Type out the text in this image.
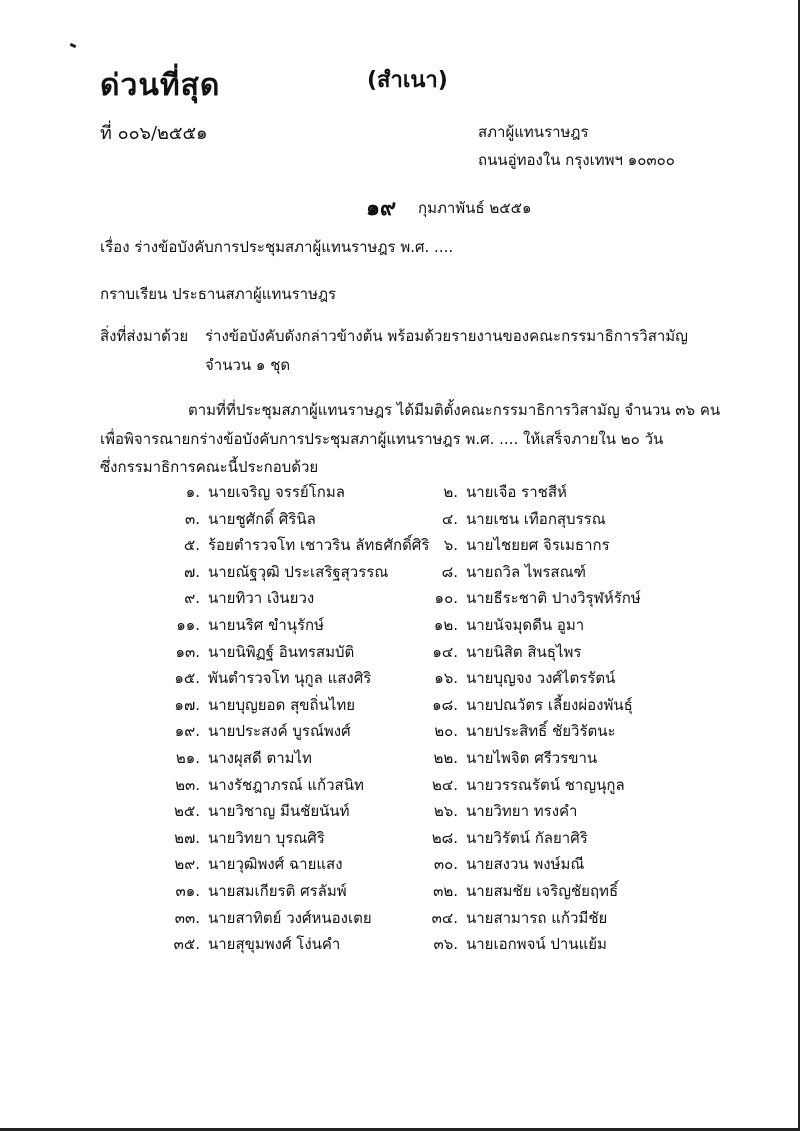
ด่วนที่สุด	(สำเนา)
ที่ ๐๐๖/๒๕๕๑	สภาผู้แทนราษฎร
ถนนอู่ทองใน กรุงเทพฯ ๑๐๓๐๐
๑๙ กุมภาพันธ์ ๒๕๕๑
เรื่อง ร่างข้อบังคับการประชุมสภาผู้แทนราษฎร พ.ศ. ....
กราบเรียน ประธานสภาผู้แทนราษฎร
สิ่งที่ส่งมาด้วย ร่างข้อบังคับดังกล่าวข้างต้น พร้อมด้วยรายงานของคณะกรรมาธิการวิสามัญ
จำนวน ๑ ชุด
ตามที่ที่ประชุมสภาผู้แทนราษฎร ได้มีมติตั้งคณะกรรมาธิการวิสามัญ จำนวน ๓๖ คน
เพื่อพิจารณายกร่างข้อบังคับการประชุมสภาผู้แทนราษฎร พ.ศ. .... ให้เสร็จภายใน ๒๐ วัน
ซึ่งกรรมาธิการคณะนี้ประกอบด้วย
๑. นายเจริญ จรรย์โกมล	๒. นายเจือ ราชสีห์
๓. นายชูศักดิ์ ศิรินิล	๔. นายเชน เทือกสุบรรณ
๕. ร้อยตำรวจโท เชาวริน ลัทธศักดิ์ศิริ ๖. นายไชยยศ จิรเมธากร
๗. นายณัฐวุฒิ ประเสริฐสุวรรณ	๘. นายถวิล ไพรสณฑ์
๙. นายทิวา เงินยวง	๑๐. นายธีระชาติ ปางวิรุฬห์รักษ์
๑๑. นายนริศ ขำนุรักษ์	๑๒. นายนัจมุดดีน อูมา
๑๓. นายนิพิฏฐ์ อินทรสมบัติ	๑๔. นายนิสิต สินธุไพร
๑๕. พันตำรวจโท นุกูล แสงศิริ	๑๖. นายบุญจง วงศ์ไตรรัตน์
๑๗. นายบุญยอด สุขถิ่นไทย	๑๘. นายปณวัตร เลี้ยงผ่องพันธุ์
๑๙. นายประสงค์ บูรณ์พงศ์	๒๐. นายประสิทธิ์ ชัยวิรัตนะ
๒๑. นางผุสดี ตามไท	๒๒. นายไพจิต ศรีวรขาน
๒๓. นางรัชฎาภรณ์ แก้วสนิท	๒๔. นายวรรณรัตน์ ชาญนุกูล
๒๕. นายวิชาญ มีนชัยนันท์	๒๖. นายวิทยา ทรงคำ
๒๗. นายวิทยา บุรณศิริ	๒๘. นายวิรัตน์ กัลยาศิริ
๒๙. นายวุฒิพงศ์ ฉายแสง	๓๐. นายสงวน พงษ์มณี
๓๑. นายสมเกียรติ ศรลัมพ์	๓๒. นายสมชัย เจริญชัยฤทธิ์
๓๓. นายสาทิตย์ วงศ์หนองเตย	๓๔. นายสามารถ แก้วมีชัย
๓๕. นายสุขุมพงศ์ โง่นคำ	๓๖. นายเอกพจน์ ปานแย้ม
